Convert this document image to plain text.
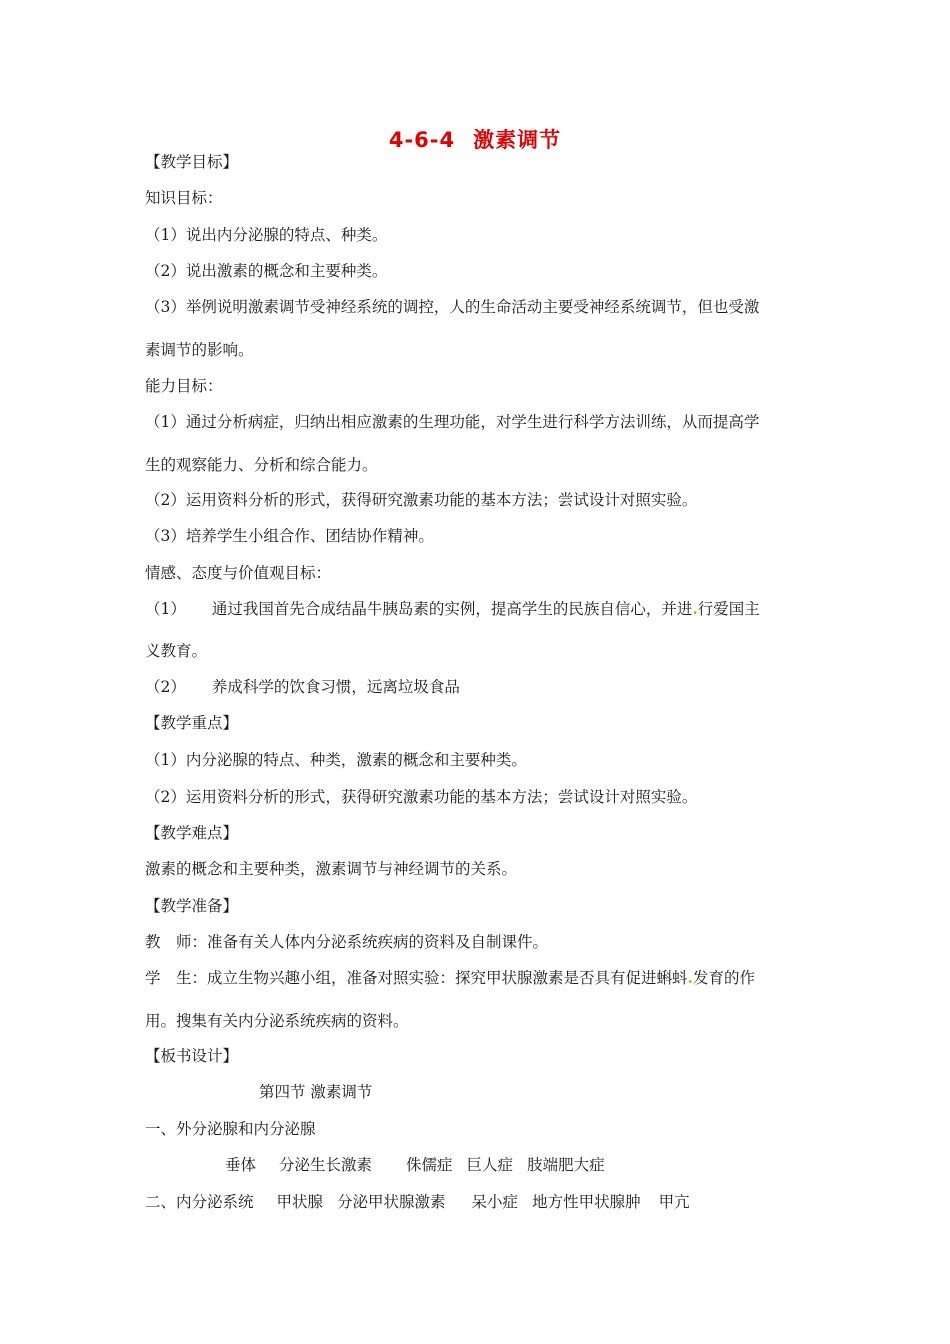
4-6-4 激素调节
【教学目标】
知识目标：
（1）说出内分泌腺的特点、种类。
（2）说出激素的概念和主要种类。
（3）举例说明激素调节受神经系统的调控，人的生命活动主要受神经系统调节，但也受激
素调节的影响。
能力目标：
（1）通过分析病症，归纳出相应激素的生理功能，对学生进行科学方法训练，从而提高学
生的观察能力、分析和综合能力。
（2）运用资料分析的形式，获得研究激素功能的基本方法；尝试设计对照实验。
（3）培养学生小组合作、团结协作精神。
情感、态度与价值观目标：
（1） 通过我国首先合成结晶牛胰岛素的实例，提高学生的民族自信心，并进.行爱国主
义教育。
（2） 养成科学的饮食习惯，远离垃圾食品
【教学重点】
（1）内分泌腺的特点、种类，激素的概念和主要种类。
（2）运用资料分析的形式，获得研究激素功能的基本方法；尝试设计对照实验。
【教学难点】
激素的概念和主要种类，激素调节与神经调节的关系。
【教学准备】
教　师：准备有关人体内分泌系统疾病的资料及自制课件。
学　生：成立生物兴趣小组，准备对照实验：探究甲状腺激素是否具有促进蝌蚪.发育的作
用。搜集有关内分泌系统疾病的资料。
【板书设计】
第四节 激素调节
一、外分泌腺和内分泌腺
垂体 分泌生长激素 侏儒症 巨人症 肢端肥大症
二、内分泌系统 甲状腺 分泌甲状腺激素 呆小症 地方性甲状腺肿 甲亢
